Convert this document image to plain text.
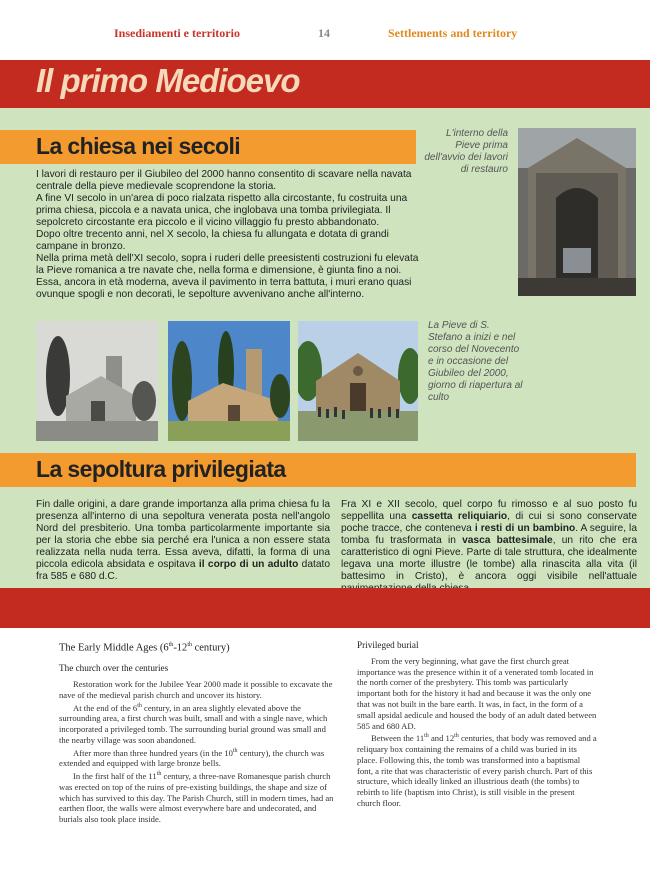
Insediamenti e territorio	14	Settlements and territory
Il primo Medioevo
La chiesa nei secoli

I lavori di restauro per il Giubileo del 2000 hanno consentito di scavare nella navata centrale della pieve medievale scoprendone la storia.

A fine VI secolo in un'area di poco rialzata rispetto alla circostante, fu costruita una prima chiesa, piccola e a navata unica, che inglobava una tomba privilegiata. Il sepolcreto circostante era piccolo e il vicino villaggio fu presto abbandonato.

Dopo oltre trecento anni, nel X secolo, la chiesa fu allungata e dotata di grandi campane in bronzo.

Nella prima metà dell'XI secolo, sopra i ruderi delle preesistenti costruzioni fu elevata la Pieve romanica a tre navate che, nella forma e dimensione, è giunta fino a noi. Essa, ancora in età moderna, aveva il pavimento in terra battuta, i muri erano quasi ovunque spogli e non decorati, le sepolture avvenivano anche all'interno.

L'interno della Pieve prima dell'avvio dei lavori di restauro
La Pieve di S. Stefano a inizi e nel corso del Novecento e in occasione del Giubileo del 2000, giorno di riapertura al culto
La sepoltura privilegiata
Fin dalle origini, a dare grande importanza alla prima chiesa fu la presenza all'interno di una sepoltura venerata posta nell'angolo Nord del presbiterio. Una tomba particolarmente importante sia per la storia che ebbe sia perché era l'unica a non essere stata realizzata nella nuda terra. Essa aveva, difatti, la forma di una piccola edicola absidata e ospitava il corpo di un adulto datato fra 585 e 680 d.C.
Fra XI e XII secolo, quel corpo fu rimosso e al suo posto fu seppellita una cassetta reliquiario, di cui si sono conservate poche tracce, che conteneva i resti di un bambino. A seguire, la tomba fu trasformata in vasca battesimale, un rito che era caratteristico di ogni Pieve. Parte di tale struttura, che idealmente legava una morte illustre (le tombe) alla rinascita alla vita (il battesimo in Cristo), è ancora oggi visibile nell'attuale

The Early Middle Ages (6th-12th century)

The church over the centuries

Restoration work for the Jubilee Year 2000 made it possible to excavate the nave of the medieval parish church and uncover its history.

At the end of the 6th century, in an area slightly elevated above the surrounding area, a first church was built, small and with a single nave, which incorporated a privileged tomb. The surrounding burial ground was small and the nearby village was soon abandoned.

After more than three hundred years (in the 10th century), the church was extended and equipped with large bronze bells.

In the first half of the 11th century, a three-nave Romanesque parish church was erected on top of the ruins of pre-existing buildings, the shape and size of which has survived to this day. The Parish Church, still in modern times, had an earthen floor, the walls were almost everywhere bare and undecorated, and burials also took place inside.

Privileged burial

From the very beginning, what gave the first church great importance was the presence within it of a venerated tomb located in the north corner of the presbytery. This tomb was particularly important both for the history it had and because it was the only one that was not built in the bare earth. It was, in fact, in the form of a small apsidal aedicule and housed the body of an adult dated between 585 and 680 AD.

Between the 11th and 12th centuries, that body was removed and a reliquary box containing the remains of a child was buried in its place. Following this, the tomb was transformed into a baptismal font, a rite that was characteristic of every parish church. Part of this structure, which ideally linked an illustrious death (the tombs) to rebirth to life (baptism into Christ), is still visible in the present church floor.
